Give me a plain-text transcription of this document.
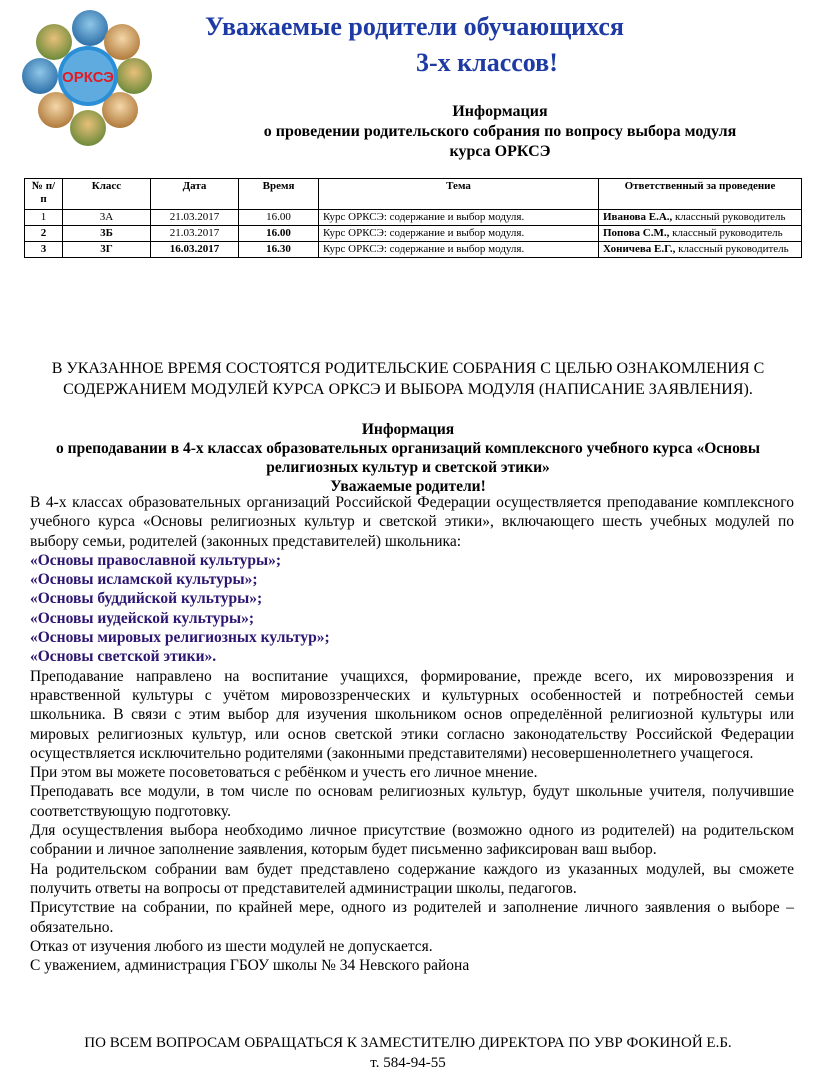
ОРКСЭ
Уважаемые родители обучающихся
3-х классов!
Информация
о проведении родительского собрания по вопросу выбора модуля
курса ОРКСЭ
№ п/п	Класс	Дата	Время	Тема	Ответственный за проведение
1	3А	21.03.2017	16.00	Курс ОРКСЭ: содержание и выбор модуля.	Иванова Е.А., классный руководитель
2	3Б	21.03.2017	16.00	Курс ОРКСЭ: содержание и выбор модуля.	Попова С.М., классный руководитель
3	3Г	16.03.2017	16.30	Курс ОРКСЭ: содержание и выбор модуля.	Хоничева Е.Г., классный руководитель
В УКАЗАННОЕ ВРЕМЯ СОСТОЯТСЯ РОДИТЕЛЬСКИЕ СОБРАНИЯ С ЦЕЛЬЮ ОЗНАКОМЛЕНИЯ С СОДЕРЖАНИЕМ МОДУЛЕЙ КУРСА ОРКСЭ И ВЫБОРА МОДУЛЯ (НАПИСАНИЕ ЗАЯВЛЕНИЯ).
Информация
о преподавании в 4-х классах образовательных организаций комплексного учебного курса «Основы религиозных культур и светской этики»
Уважаемые родители!

В 4-х классах образовательных организаций Российской Федерации осуществляется преподавание комплексного учебного курса «Основы религиозных культур и светской этики», включающего шесть учебных модулей по выбору семьи, родителей (законных представителей) школьника:

«Основы православной культуры»;
«Основы исламской культуры»;
«Основы буддийской культуры»;
«Основы иудейской культуры»;
«Основы мировых религиозных культур»;
«Основы светской этики».

Преподавание направлено на воспитание учащихся, формирование, прежде всего, их мировоззрения и нравственной культуры с учётом мировоззренческих и культурных особенностей и потребностей семьи школьника. В связи с этим выбор для изучения школьником основ определённой религиозной культуры или мировых религиозных культур, или основ светской этики согласно законодательству Российской Федерации осуществляется исключительно родителями (законными представителями) несовершеннолетнего учащегося.

При этом вы можете посоветоваться с ребёнком и учесть его личное мнение.

Преподавать все модули, в том числе по основам религиозных культур, будут школьные учителя, получившие соответствующую подготовку.

Для осуществления выбора необходимо личное присутствие (возможно одного из родителей) на родительском собрании и личное заполнение заявления, которым будет письменно зафиксирован ваш выбор.

На родительском собрании вам будет представлено содержание каждого из указанных модулей, вы сможете получить ответы на вопросы от представителей администрации школы, педагогов.

Присутствие на собрании, по крайней мере, одного из родителей и заполнение личного заявления о выборе – обязательно.

Отказ от изучения любого из шести модулей не допускается.

С уважением, администрация ГБОУ школы № 34 Невского района

ПО ВСЕМ ВОПРОСАМ ОБРАЩАТЬСЯ К ЗАМЕСТИТЕЛЮ ДИРЕКТОРА ПО УВР ФОКИНОЙ Е.Б.
т. 584-94-55
